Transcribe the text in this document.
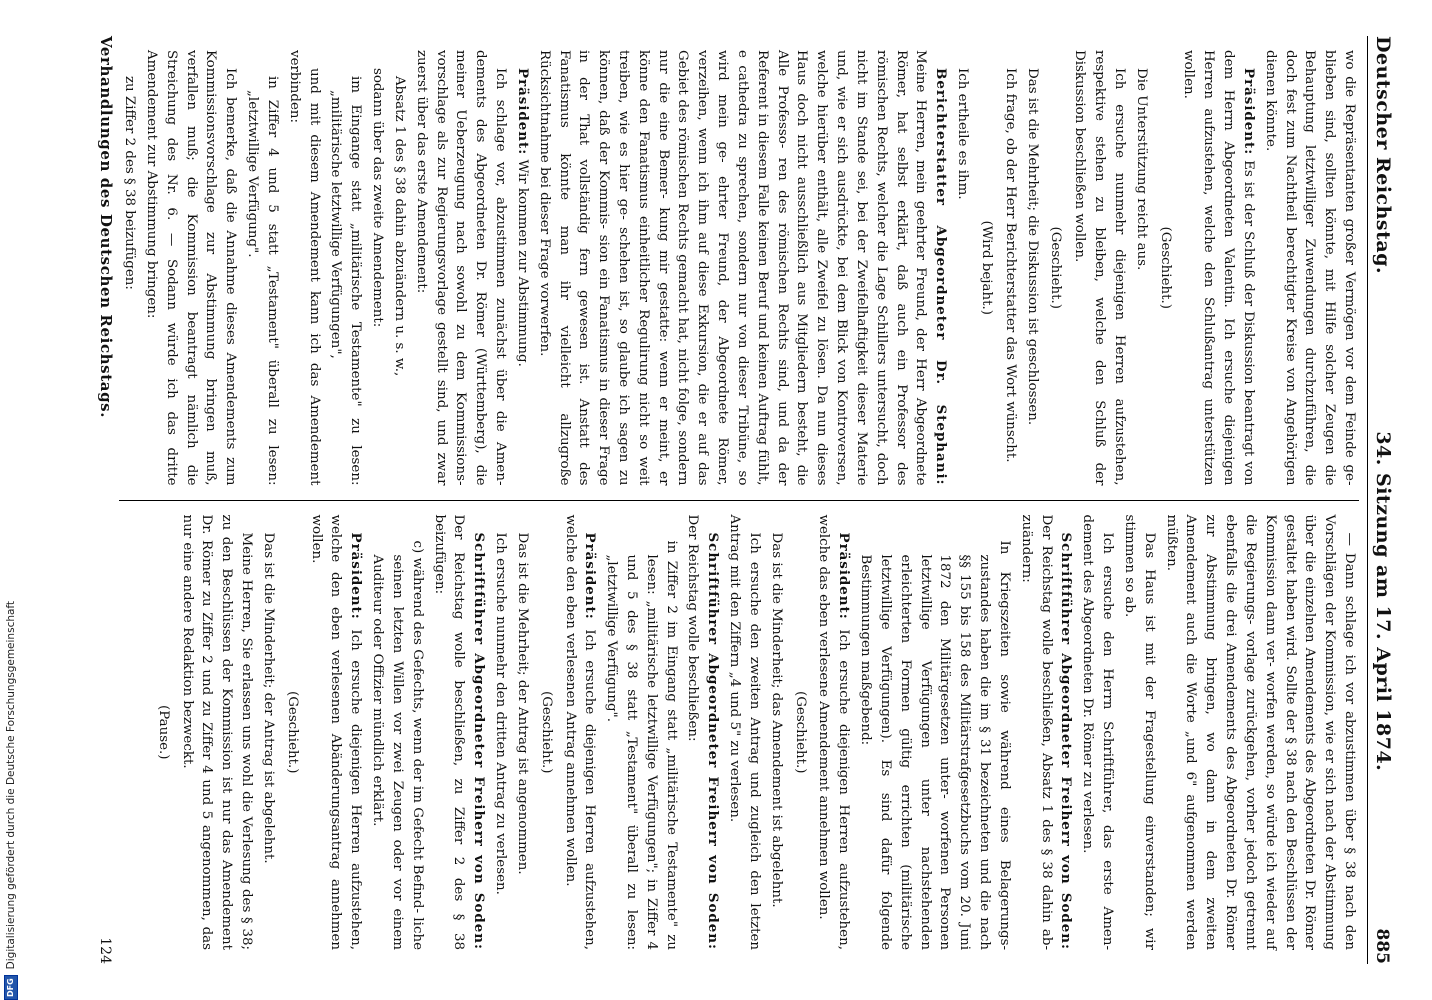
Deutscher Reichstag.
34. Sitzung am 17. April 1874.
885

wo die Repräsentanten großer Vermögen vor dem Feinde ge- blieben sind, sollten könnte, mit Hilfe solcher Zeugen die Behauptung letztwilliger Zuwendungen durchzuführen, die doch fest zum Nachtheil berechtigter Kreise von Angehörigen dienen könnte.

Präsident: Es ist der Schluß der Diskussion beantragt von dem Herrn Abgeordneten Valentin. Ich ersuche diejenigen Herren aufzustehen, welche den Schlußantrag unterstützen wollen.

(Geschieht.)

Die Unterstützung reicht aus.

Ich ersuche nunmehr diejenigen Herren aufzustehen, respektive stehen zu bleiben, welche den Schluß der Diskussion beschließen wollen.

(Geschieht.)

Das ist die Mehrheit; die Diskussion ist geschlossen.

Ich frage, ob der Herr Berichterstatter das Wort wünscht.

(Wird bejaht.)

Ich ertheile es ihm.

Berichterstatter Abgeordneter Dr. Stephani: Meine Herren, mein geehrter Freund, der Herr Abgeordnete Römer, hat selbst erklärt, daß auch ein Professor des römischen Rechts, welcher die Lage Schillers untersucht, doch nicht im Stande sei, bei der Zweifelhaftigkeit dieser Materie und, wie er sich ausdrückte, bei dem Blick von Kontroversen, welche hierüber enthält, alle Zweifel zu lösen. Da nun dieses Haus doch nicht ausschließlich aus Mitgliedern besteht, die Alle Professo- ren des römischen Rechts sind, und da der Referent in diesem Falle keinen Beruf und keinen Auftrag fühlt, e cathedra zu sprechen, sondern nur von dieser Tribüne, so wird mein ge- ehrter Freund, der Abgeordnete Römer, verzeihen, wenn ich ihm auf diese Exkursion, die er auf das Gebiet des römischen Rechts gemacht hat, nicht folge, sondern nur die eine Bemer- kung mir gestatte: wenn er meint, er könne den Fanatismus einheitlicher Regulirung nicht so weit treiben, wie es hier ge- schehen ist, so glaube ich sagen zu können, daß der Kommis- sion ein Fanatismus in dieser Frage in der That vollständig fern gewesen ist. Anstatt des Fanatismus könnte man ihr vielleicht allzugroße Rücksichtnahme bei dieser Frage vorwerfen.

Präsident: Wir kommen zur Abstimmung.

Ich schlage vor, abzustimmen zunächst über die Amen- dements des Abgeordneten Dr. Römer (Württemberg), die meiner Ueberzeugung nach sowohl zu dem Kommissions- vorschlage als zur Regierungsvorlage gestellt sind, und zwar zuerst über das erste Amendement:

Absatz 1 des § 38 dahin abzuändern u. s. w.,

sodann über das zweite Amendement:

im Eingange statt „militärische Testamente" zu lesen: „militärische letztwillige Verfügungen",

und mit diesem Amendement kann ich das Amendement verbinden:

in Ziffer 4 und 5 statt „Testament" überall zu lesen: „letztwillige Verfügung".

Ich bemerke, daß die Annahme dieses Amendements zum Kommissionsvorschlage zur Abstimmung bringen muß, verfallen muß; die Kommission beantragt nämlich die Streichung des Nr. 6. — Sodann würde ich das dritte Amendement zur Abstimmung bringen:

zu Ziffer 2 des § 38 beizufügen:

— Dann schlage ich vor abzustimmen über § 38 nach den Vorschlägen der Kommission, wie er sich nach der Abstimmung über die einzelnen Amendements des Abgeordneten Dr. Römer gestaltet haben wird. Sollte der § 38 nach den Beschlüssen der Kommission dann ver- worfen werden, so würde ich wieder auf die Regierungs- vorlage zurückgehen, vorher jedoch getrennt ebenfalls die drei Amendements des Abgeordneten Dr. Römer zur Abstimmung bringen, wo dann in dem zweiten Amendement auch die Worte „und 6" aufgenommen werden müßten.

Das Haus ist mit der Fragestellung einverstanden; wir stimmen so ab.

Ich ersuche den Herrn Schriftführer, das erste Amen- dement des Abgeordneten Dr. Römer zu verlesen.

Schriftführer Abgeordneter Freiherr von Soden: Der Reichstag wolle beschließen, Absatz 1 des § 38 dahin ab- zuändern:

In Kriegszeiten sowie während eines Belagerungs- zustandes haben die im § 31 bezeichneten und die nach §§ 155 bis 158 des Militärstrafgesetzbuchs vom 20. Juni 1872 den Militärgesetzen unter- worfenen Personen letztwillige Verfügungen unter nachstehenden erleichterten Formen gültig errichten (militärische letztwillige Verfügungen). Es sind dafür folgende Bestimmungen maßgebend:

Präsident: Ich ersuche diejenigen Herren aufzustehen, welche das eben verlesene Amendement annehmen wollen.

(Geschieht.)

Das ist die Minderheit; das Amendement ist abgelehnt.

Ich ersuche den zweiten Antrag und zugleich den letzten Antrag mit den Ziffern „4 und 5" zu verlesen.

Schriftführer Abgeordneter Freiherr von Soden: Der Reichstag wolle beschließen:

in Ziffer 2 im Eingang statt „militärische Testamente" zu lesen: „militärische letztwillige Verfügungen"; in Ziffer 4 und 5 des § 38 statt „Testament" überall zu lesen: „letztwillige Verfügung".

Präsident: Ich ersuche diejenigen Herren aufzustehen, welche den eben verlesenen Antrag annehmen wollen.

(Geschieht.)

Das ist die Mehrheit; der Antrag ist angenommen.

Ich ersuche nunmehr den dritten Antrag zu verlesen.

Schriftführer Abgeordneter Freiherr von Soden: Der Reichstag wolle beschließen, zu Ziffer 2 des § 38 beizufügen:

c) während des Gefechts, wenn der im Gefecht Befind- liche seinen letzten Willen vor zwei Zeugen oder vor einem Auditeur oder Offizier mündlich erklärt.

Präsident: Ich ersuche diejenigen Herren aufzustehen, welche den eben verlesenen Abänderungsantrag annehmen wollen.

(Geschieht.)

Das ist die Minderheit; der Antrag ist abgelehnt.

Meine Herren, Sie erlassen uns wohl die Verlesung des § 38; zu den Beschlüssen der Kommission ist nur das Amendement Dr. Römer zu Ziffer 2 und zu Ziffer 4 und 5 angenommen, das nur eine andere Redaktion bezweckt.

(Pause.)

Verhandlungen des Deutschen Reichstags.
124
DFG
Digitalisierung gefördert durch die Deutsche Forschungsgemeinschaft
